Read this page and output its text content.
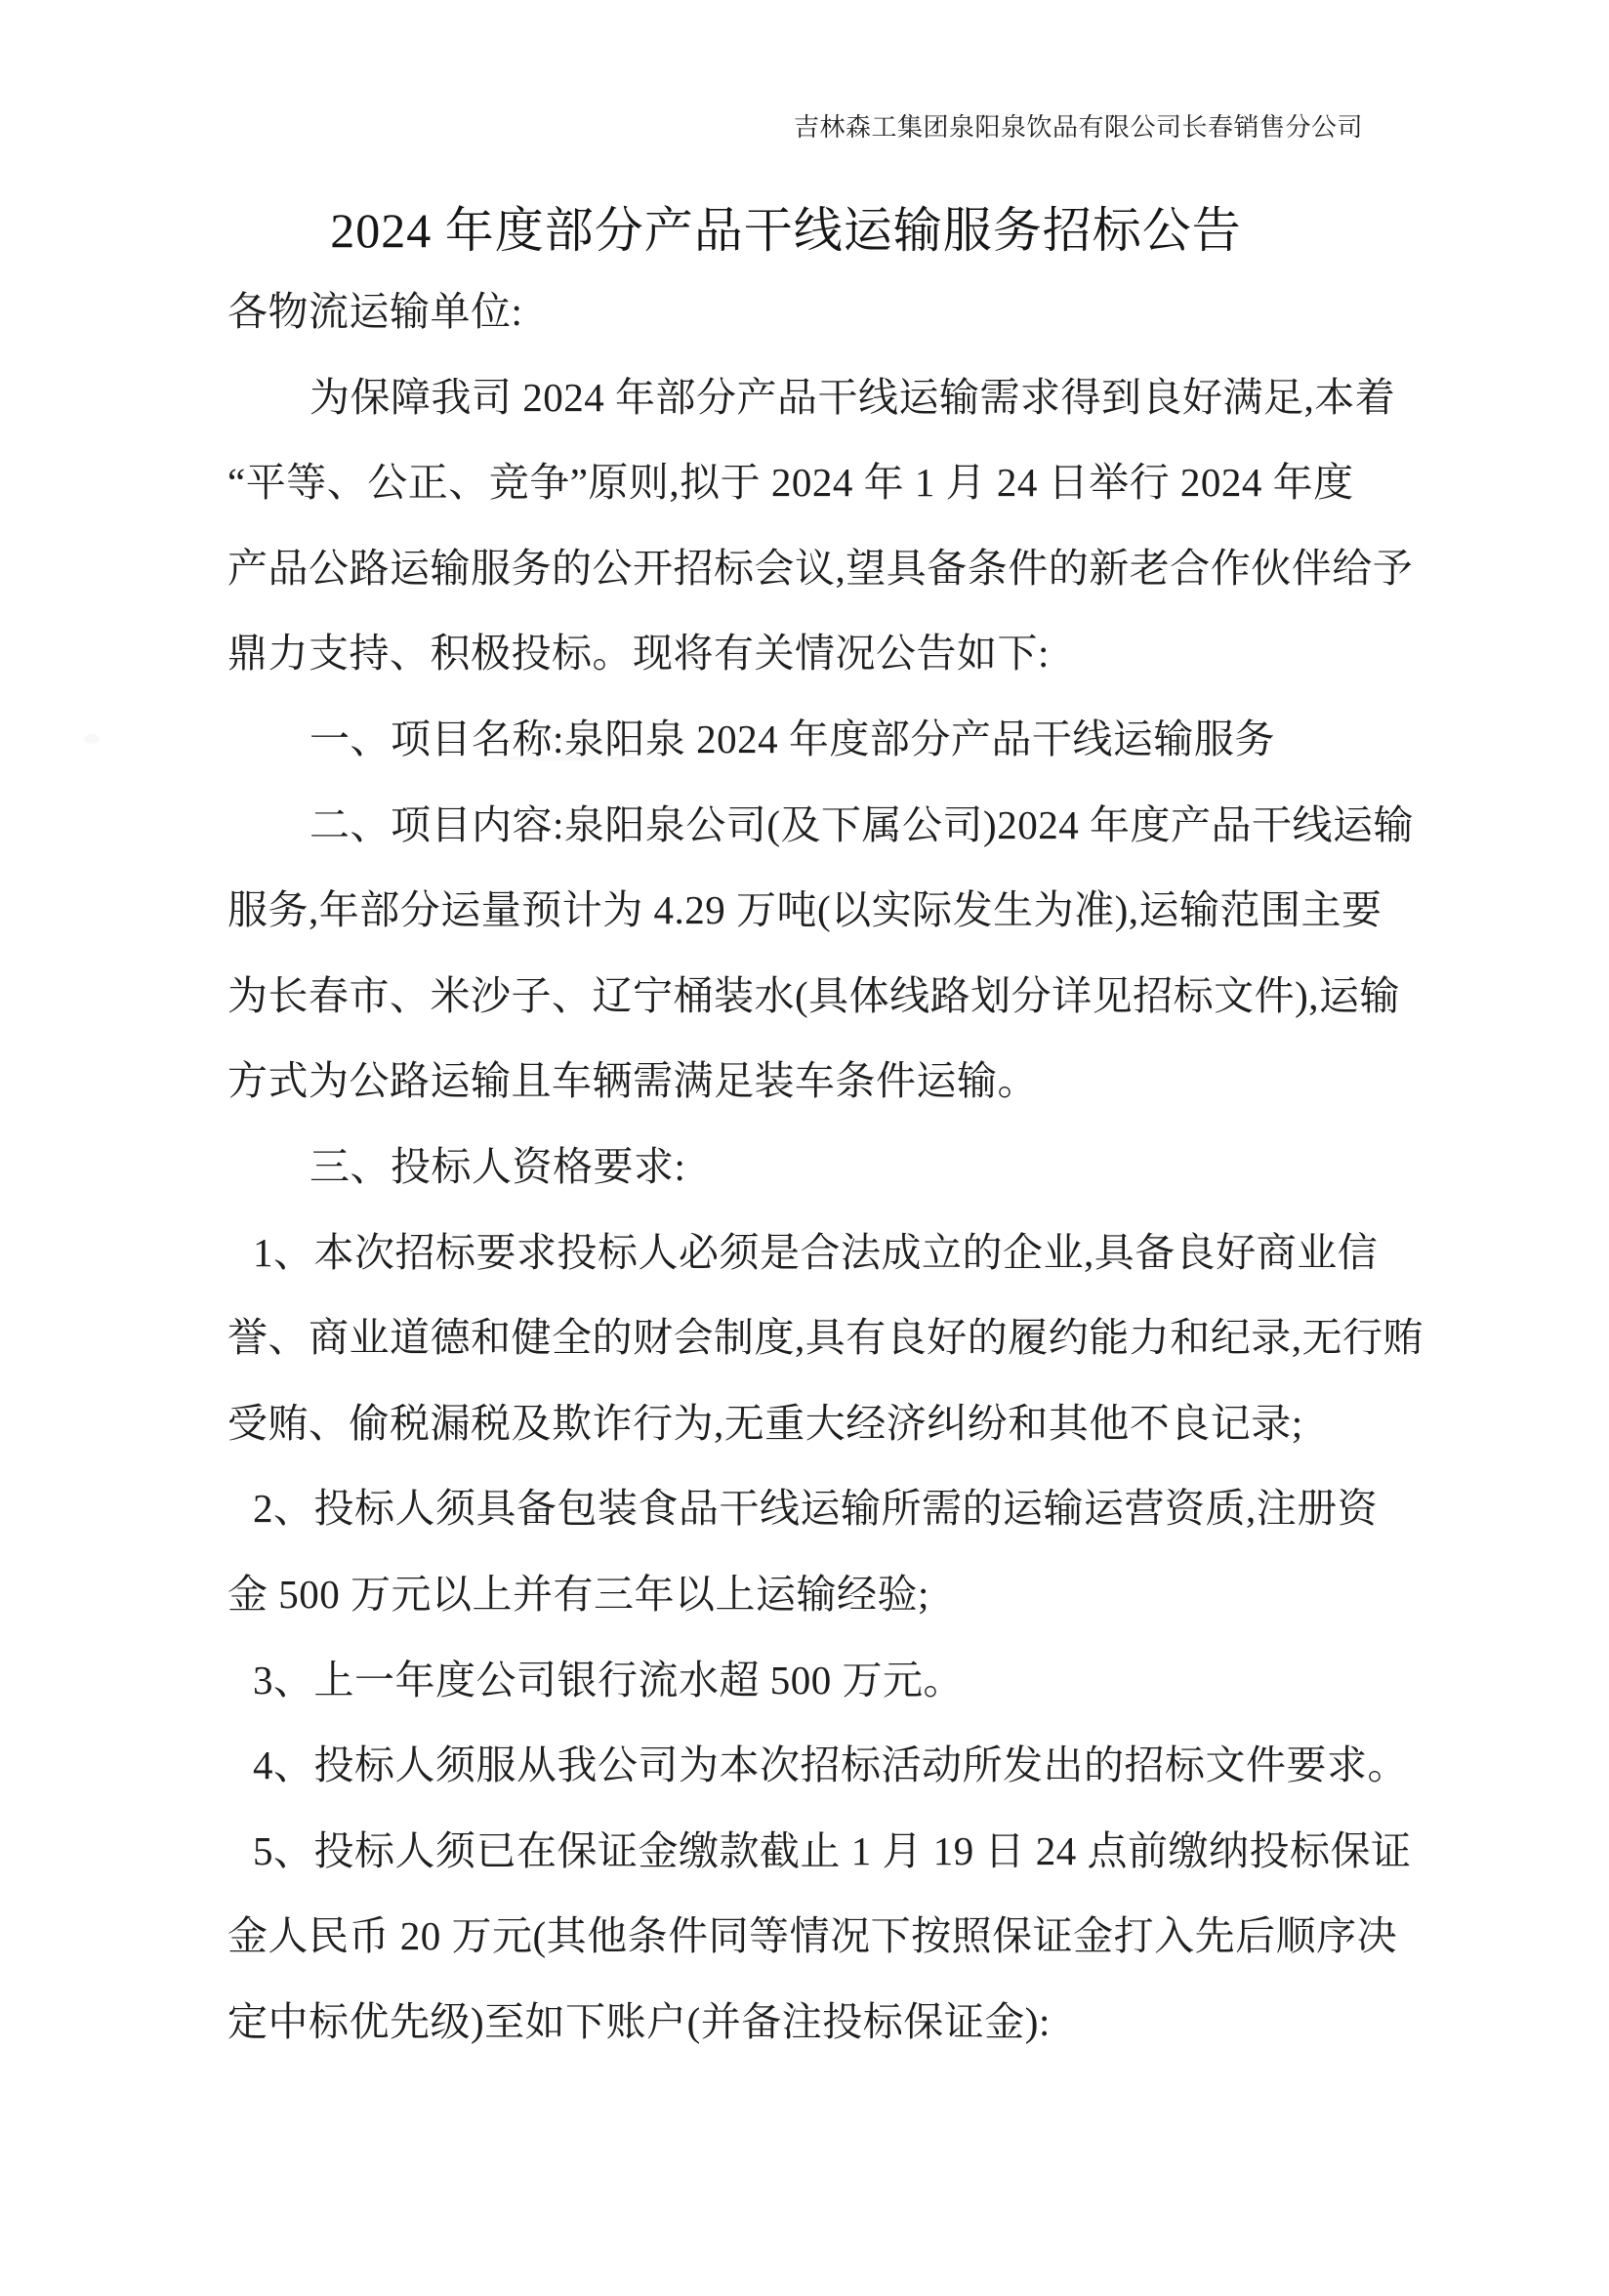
吉林森工集团泉阳泉饮品有限公司长春销售分公司
2024 年度部分产品干线运输服务招标公告
各物流运输单位:
为保障我司 2024 年部分产品干线运输需求得到良好满足,本着
“平等、公正、竞争”原则,拟于 2024 年 1 月 24 日举行 2024 年度
产品公路运输服务的公开招标会议,望具备条件的新老合作伙伴给予
鼎力支持、积极投标。现将有关情况公告如下:
一、项目名称:泉阳泉 2024 年度部分产品干线运输服务
二、项目内容:泉阳泉公司(及下属公司)2024 年度产品干线运输
服务,年部分运量预计为 4.29 万吨(以实际发生为准),运输范围主要
为长春市、米沙子、辽宁桶装水(具体线路划分详见招标文件),运输
方式为公路运输且车辆需满足装车条件运输。
三、投标人资格要求:
1、本次招标要求投标人必须是合法成立的企业,具备良好商业信
誉、商业道德和健全的财会制度,具有良好的履约能力和纪录,无行贿
受贿、偷税漏税及欺诈行为,无重大经济纠纷和其他不良记录;
2、投标人须具备包装食品干线运输所需的运输运营资质,注册资
金 500 万元以上并有三年以上运输经验;
3、上一年度公司银行流水超 500 万元。
4、投标人须服从我公司为本次招标活动所发出的招标文件要求。
5、投标人须已在保证金缴款截止 1 月 19 日 24 点前缴纳投标保证
金人民币 20 万元(其他条件同等情况下按照保证金打入先后顺序决
定中标优先级)至如下账户(并备注投标保证金):
